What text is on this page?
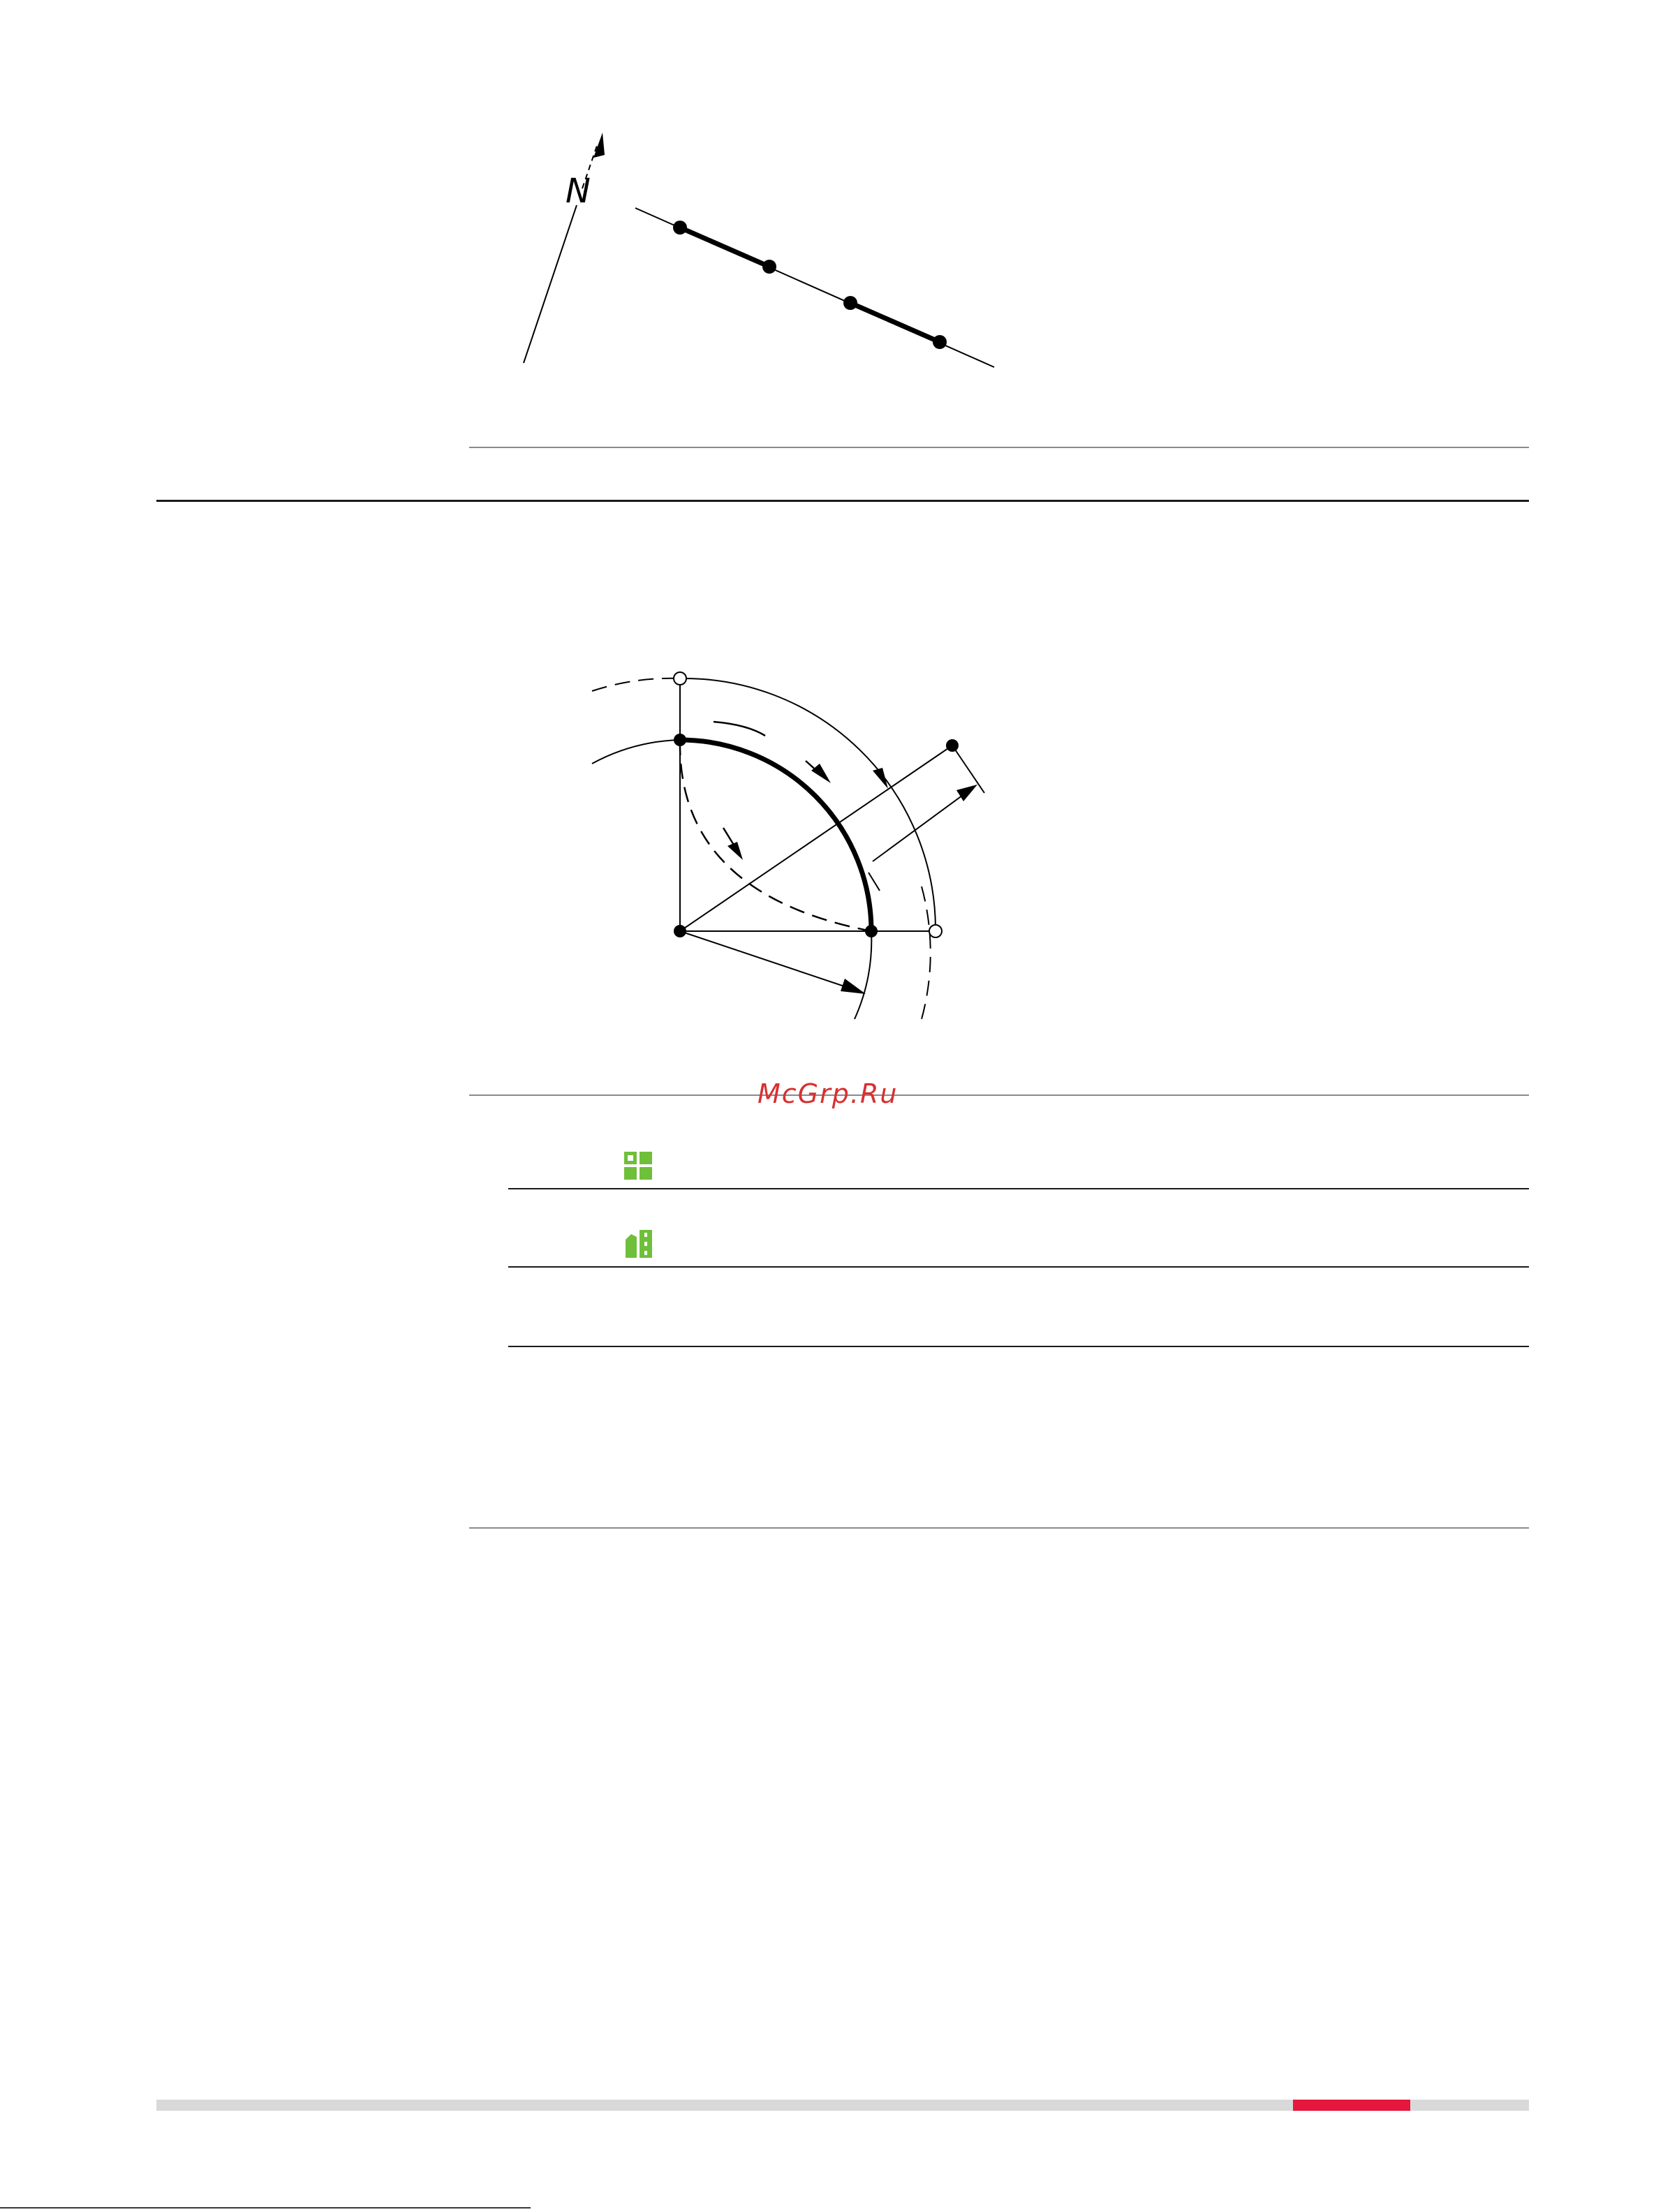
N
McGrp.Ru
